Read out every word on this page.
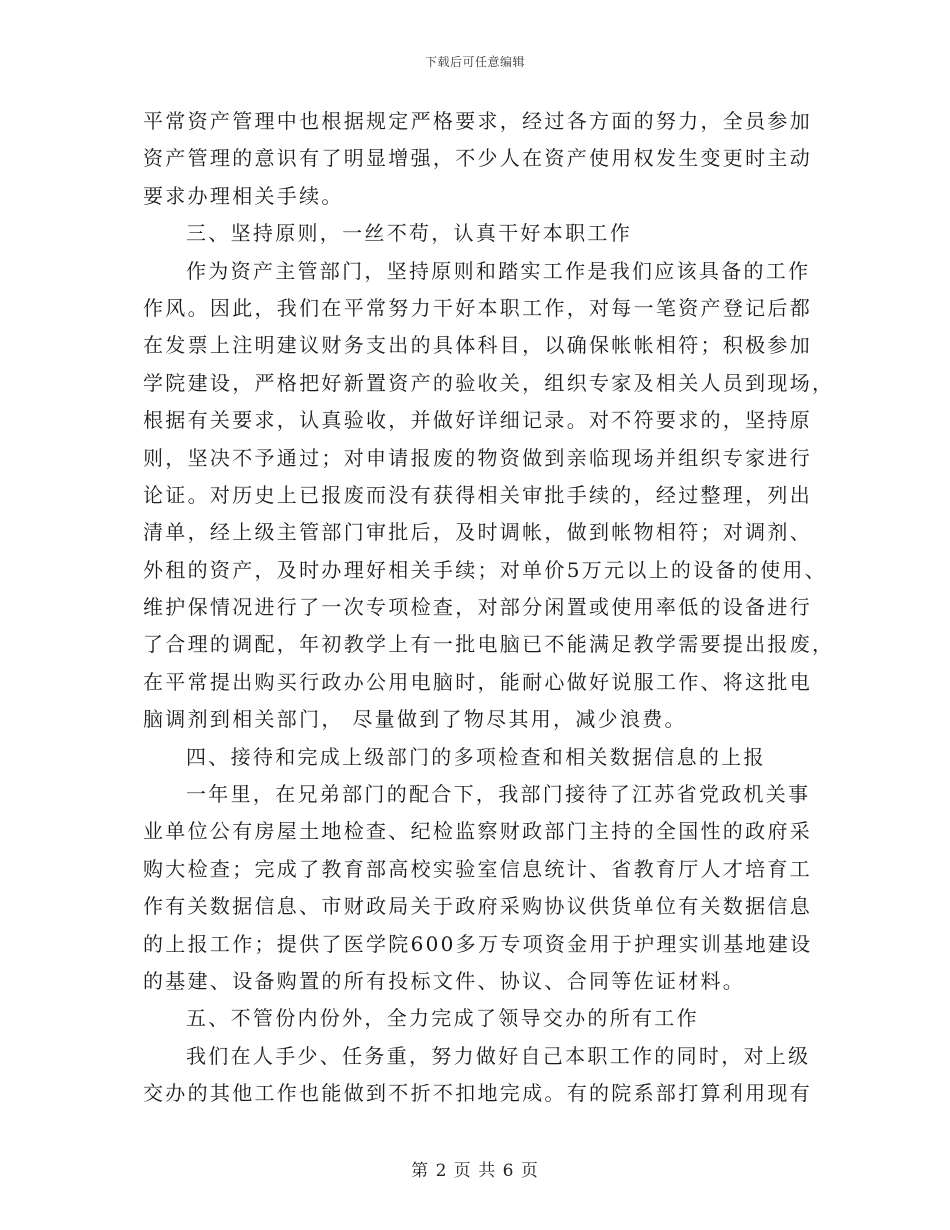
下载后可任意编辑
平常资产管理中也根据规定严格要求，经过各方面的努力，全员参加
资产管理的意识有了明显增强，不少人在资产使用权发生变更时主动
要求办理相关手续。
三、坚持原则，一丝不苟，认真干好本职工作
作为资产主管部门，坚持原则和踏实工作是我们应该具备的工作
作风。因此，我们在平常努力干好本职工作，对每一笔资产登记后都
在发票上注明建议财务支出的具体科目，以确保帐帐相符；积极参加
学院建设，严格把好新置资产的验收关，组织专家及相关人员到现场，
根据有关要求，认真验收，并做好详细记录。对不符要求的，坚持原
则，坚决不予通过；对申请报废的物资做到亲临现场并组织专家进行
论证。对历史上已报废而没有获得相关审批手续的，经过整理，列出
清单，经上级主管部门审批后，及时调帐，做到帐物相符；对调剂、
外租的资产，及时办理好相关手续；对单价5万元以上的设备的使用、
维护保情况进行了一次专项检查，对部分闲置或使用率低的设备进行
了合理的调配，年初教学上有一批电脑已不能满足教学需要提出报废，
在平常提出购买行政办公用电脑时，能耐心做好说服工作、将这批电
脑调剂到相关部门， 尽量做到了物尽其用，减少浪费。
四、接待和完成上级部门的多项检查和相关数据信息的上报
一年里，在兄弟部门的配合下，我部门接待了江苏省党政机关事
业单位公有房屋土地检查、纪检监察财政部门主持的全国性的政府采
购大检查；完成了教育部高校实验室信息统计、省教育厅人才培育工
作有关数据信息、市财政局关于政府采购协议供货单位有关数据信息
的上报工作；提供了医学院600多万专项资金用于护理实训基地建设
的基建、设备购置的所有投标文件、协议、合同等佐证材料。
五、不管份内份外，全力完成了领导交办的所有工作
我们在人手少、任务重，努力做好自己本职工作的同时，对上级
交办的其他工作也能做到不折不扣地完成。有的院系部打算利用现有
第 2 页 共 6 页
